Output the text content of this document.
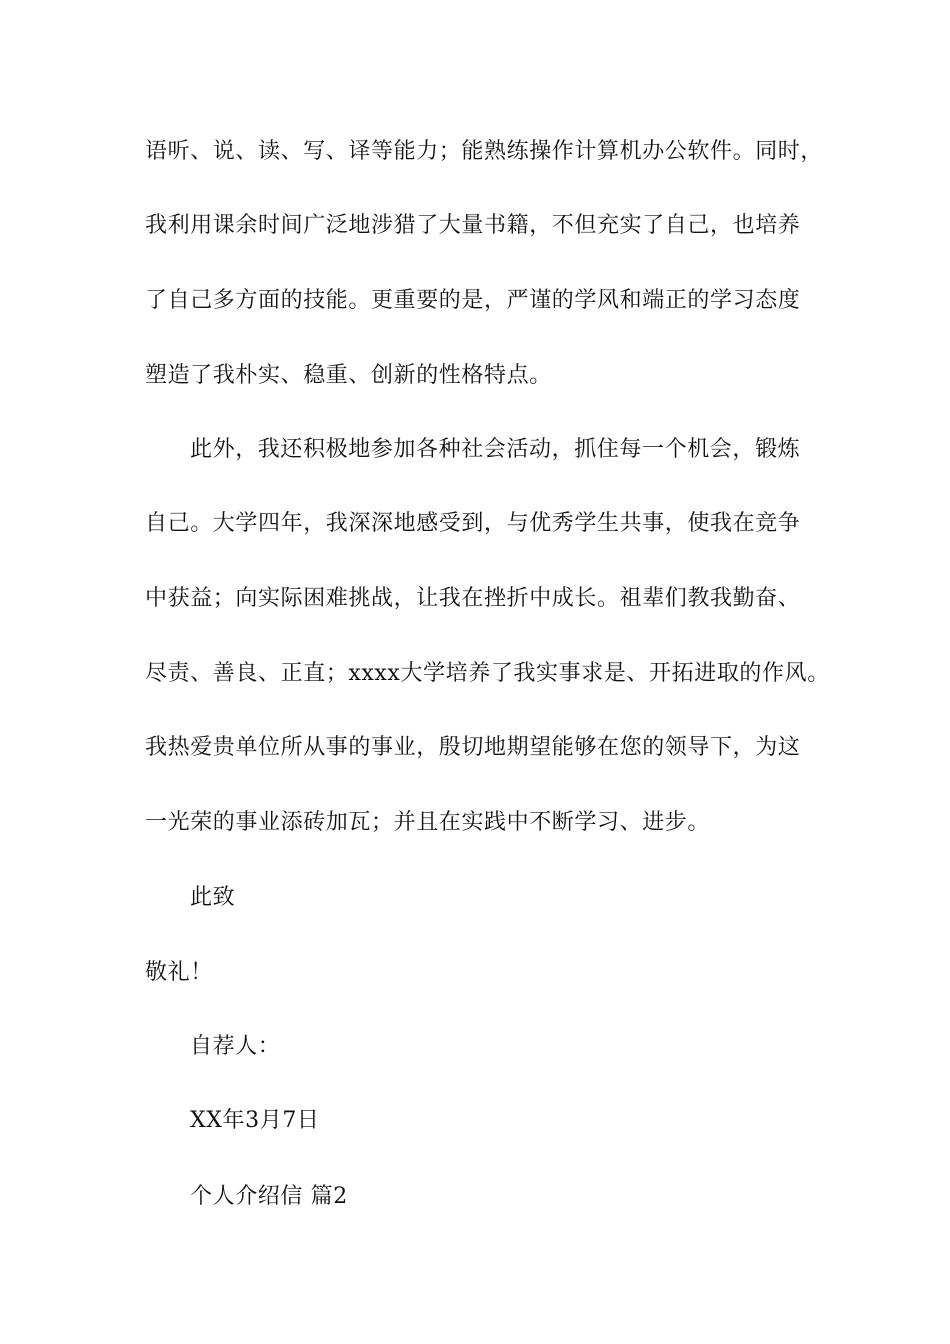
语听、说、读、写、译等能力；能熟练操作计算机办公软件。同时，
我利用课余时间广泛地涉猎了大量书籍，不但充实了自己，也培养
了自己多方面的技能。更重要的是，严谨的学风和端正的学习态度
塑造了我朴实、稳重、创新的性格特点。
此外，我还积极地参加各种社会活动，抓住每一个机会，锻炼
自己。大学四年，我深深地感受到，与优秀学生共事，使我在竞争
中获益；向实际困难挑战，让我在挫折中成长。祖辈们教我勤奋、
尽责、善良、正直；xxxx大学培养了我实事求是、开拓进取的作风。
我热爱贵单位所从事的事业，殷切地期望能够在您的领导下，为这
一光荣的事业添砖加瓦；并且在实践中不断学习、进步。
此致
敬礼！
自荐人：
XX年3月7日
个人介绍信 篇2
